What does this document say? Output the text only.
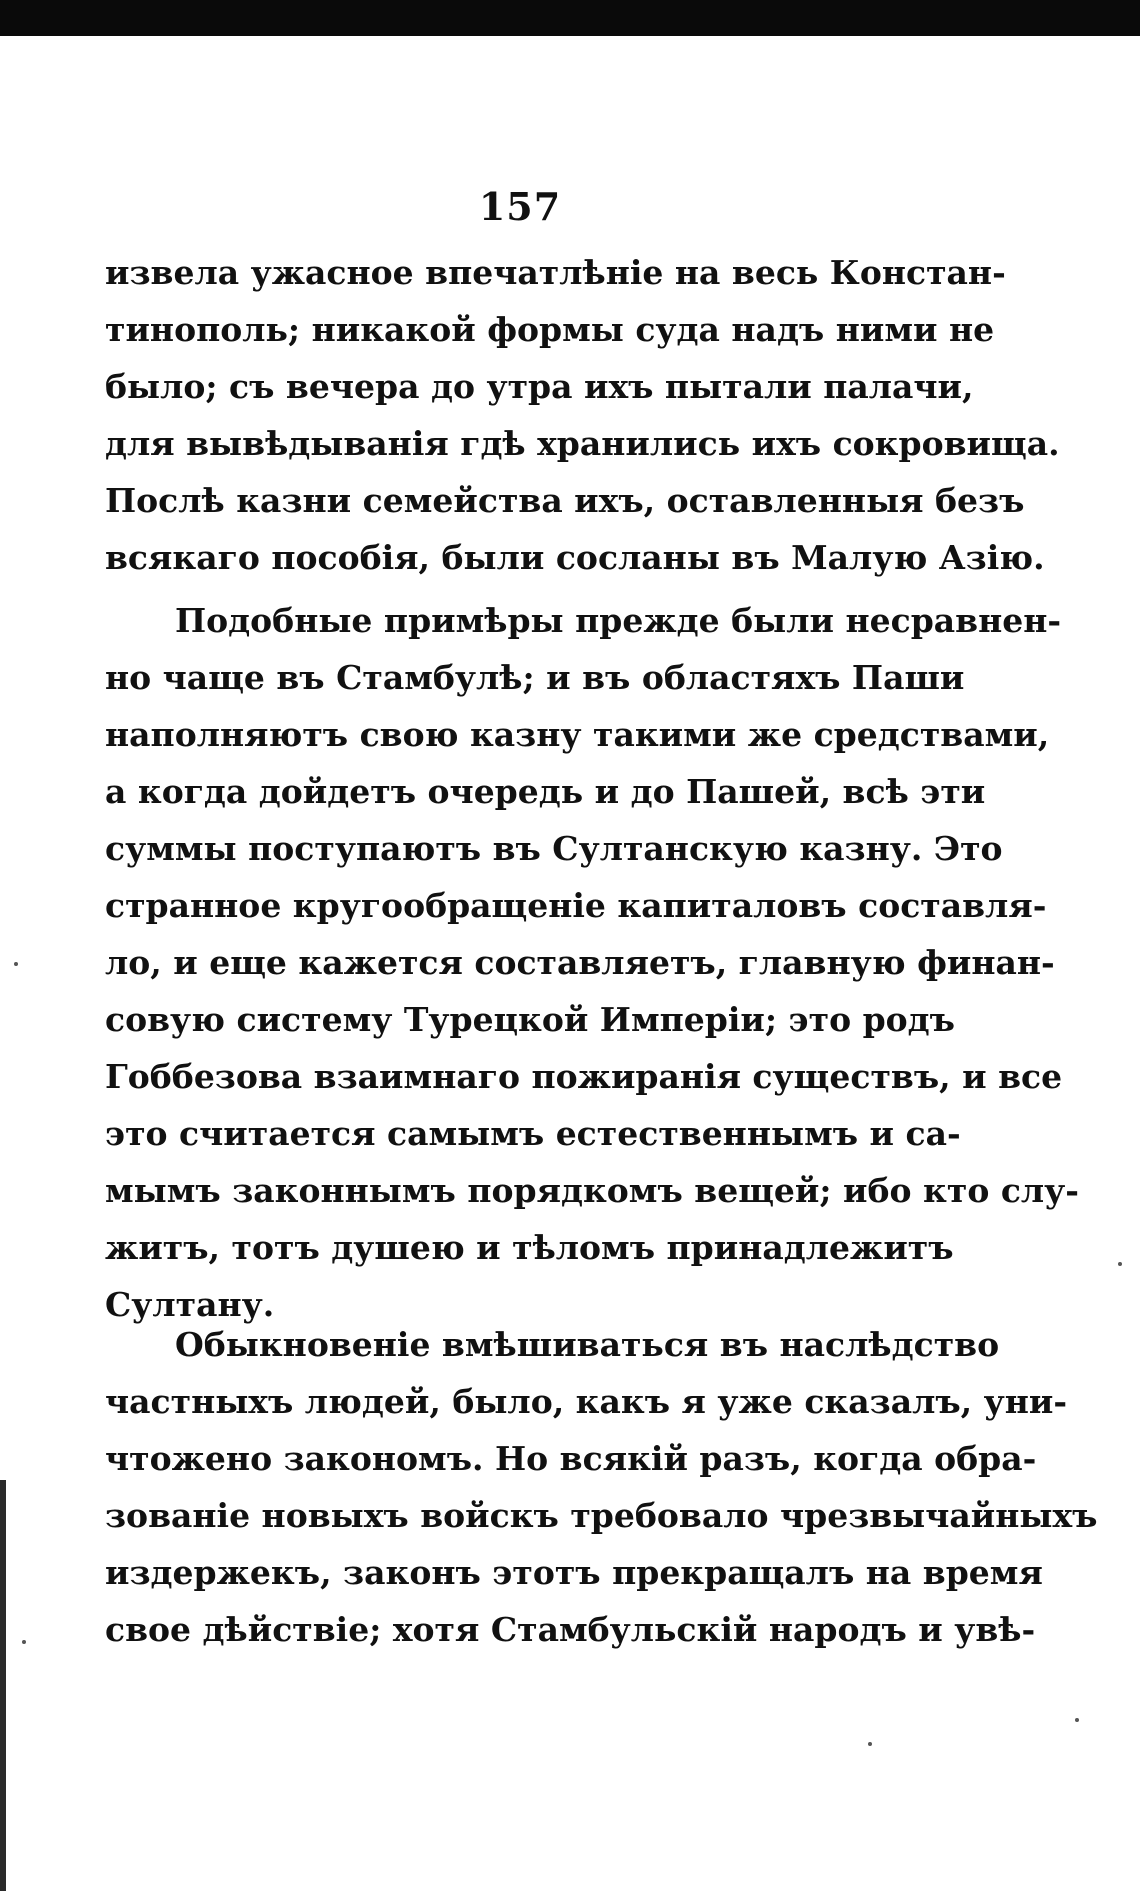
157
извела ужасное впечатлѣніе на весь Констан-
тинополь; никакой формы суда надъ ними не
было; съ вечера до утра ихъ пытали палачи,
для вывѣдыванія гдѣ хранились ихъ сокровища.
Послѣ казни семейства ихъ, оставленныя безъ
всякаго пособія, были сосланы въ Малую Азію.
Подобные примѣры прежде были несравнен-
но чаще въ Стамбулѣ; и въ областяхъ Паши
наполняютъ свою казну такими же средствами,
а когда дойдетъ очередь и до Пашей, всѣ эти
суммы поступаютъ въ Султанскую казну. Это
странное кругообращеніе капиталовъ составля-
ло, и еще кажется составляетъ, главную финан-
совую систему Турецкой Имперіи; это родъ
Гоббезова взаимнаго пожиранія существъ, и все
это считается самымъ естественнымъ и са-
мымъ законнымъ порядкомъ вещей; ибо кто слу-
житъ, тотъ душею и тѣломъ принадлежитъ
Султану.
Обыкновеніе вмѣшиваться въ наслѣдство
частныхъ людей, было, какъ я уже сказалъ, уни-
чтожено закономъ. Но всякій разъ, когда обра-
зованіе новыхъ войскъ требовало чрезвычайныхъ
издержекъ, законъ этотъ прекращалъ на время
свое дѣйствіе; хотя Стамбульскій народъ и увѣ-
